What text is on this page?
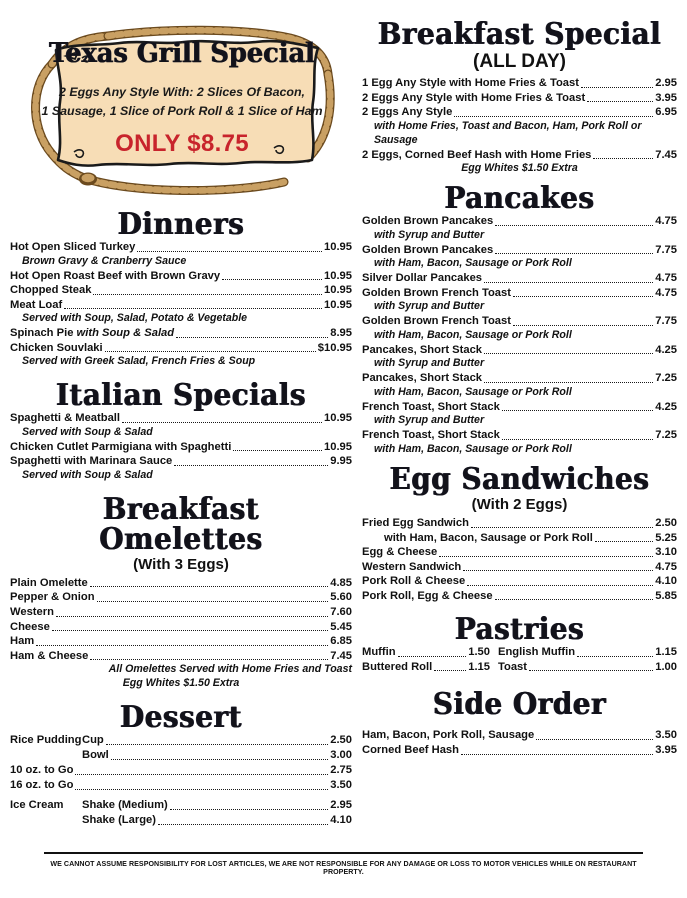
Texas Grill Special
2 Eggs Any Style With: 2 Slices Of Bacon,
1 Sausage, 1 Slice of Pork Roll & 1 Slice of Ham
ONLY $8.75
Dinners
Hot Open Sliced Turkey	10.95
Brown Gravy & Cranberry Sauce
Hot Open Roast Beef with Brown Gravy	10.95
Chopped Steak	10.95
Meat Loaf	10.95
Served with Soup, Salad, Potato & Vegetable
Spinach Pie with Soup & Salad	8.95
Chicken Souvlaki	$10.95
Served with Greek Salad, French Fries & Soup
Italian Specials
Spaghetti & Meatball	10.95
Served with Soup & Salad
Chicken Cutlet Parmigiana with Spaghetti	10.95
Spaghetti with Marinara Sauce	9.95
Served with Soup & Salad
Breakfast Omelettes
(With 3 Eggs)
Plain Omelette	4.85
Pepper & Onion	5.60
Western	7.60
Cheese	5.45
Ham	6.85
Ham & Cheese	7.45
All Omelettes Served with Home Fries and Toast
Egg Whites $1.50 Extra
Dessert
Rice Pudding Cup	2.50
Bowl	3.00
10 oz. to Go	2.75
16 oz. to Go	3.50
Ice Cream	Shake (Medium)	2.95
Shake (Large)	4.10
Breakfast Special
(ALL DAY)
1 Egg Any Style with Home Fries & Toast	2.95
2 Eggs Any Style with Home Fries & Toast	3.95
2 Eggs Any Style	6.95
with Home Fries, Toast and Bacon, Ham, Pork Roll or Sausage
2 Eggs, Corned Beef Hash with Home Fries	7.45
Egg Whites $1.50 Extra
Pancakes
Golden Brown Pancakes	4.75
with Syrup and Butter
Golden Brown Pancakes	7.75
with Ham, Bacon, Sausage or Pork Roll
Silver Dollar Pancakes	4.75
Golden Brown French Toast	4.75
with Syrup and Butter
Golden Brown French Toast	7.75
with Ham, Bacon, Sausage or Pork Roll
Pancakes, Short Stack	4.25
with Syrup and Butter
Pancakes, Short Stack	7.25
with Ham, Bacon, Sausage or Pork Roll
French Toast, Short Stack	4.25
with Syrup and Butter
French Toast, Short Stack	7.25
with Ham, Bacon, Sausage or Pork Roll
Egg Sandwiches
(With 2 Eggs)
Fried Egg Sandwich	2.50
with Ham, Bacon, Sausage or Pork Roll	5.25
Egg & Cheese	3.10
Western Sandwich	4.75
Pork Roll & Cheese	4.10
Pork Roll, Egg & Cheese	5.85
Pastries
Muffin	1.50
Buttered Roll	1.15
English Muffin	1.15
Toast	1.00
Side Order
Ham, Bacon, Pork Roll, Sausage	3.50
Corned Beef Hash	3.95
WE CANNOT ASSUME RESPONSIBILITY FOR LOST ARTICLES, WE ARE NOT RESPONSIBLE FOR ANY DAMAGE OR LOSS TO MOTOR VEHICLES WHILE ON RESTAURANT PROPERTY.
